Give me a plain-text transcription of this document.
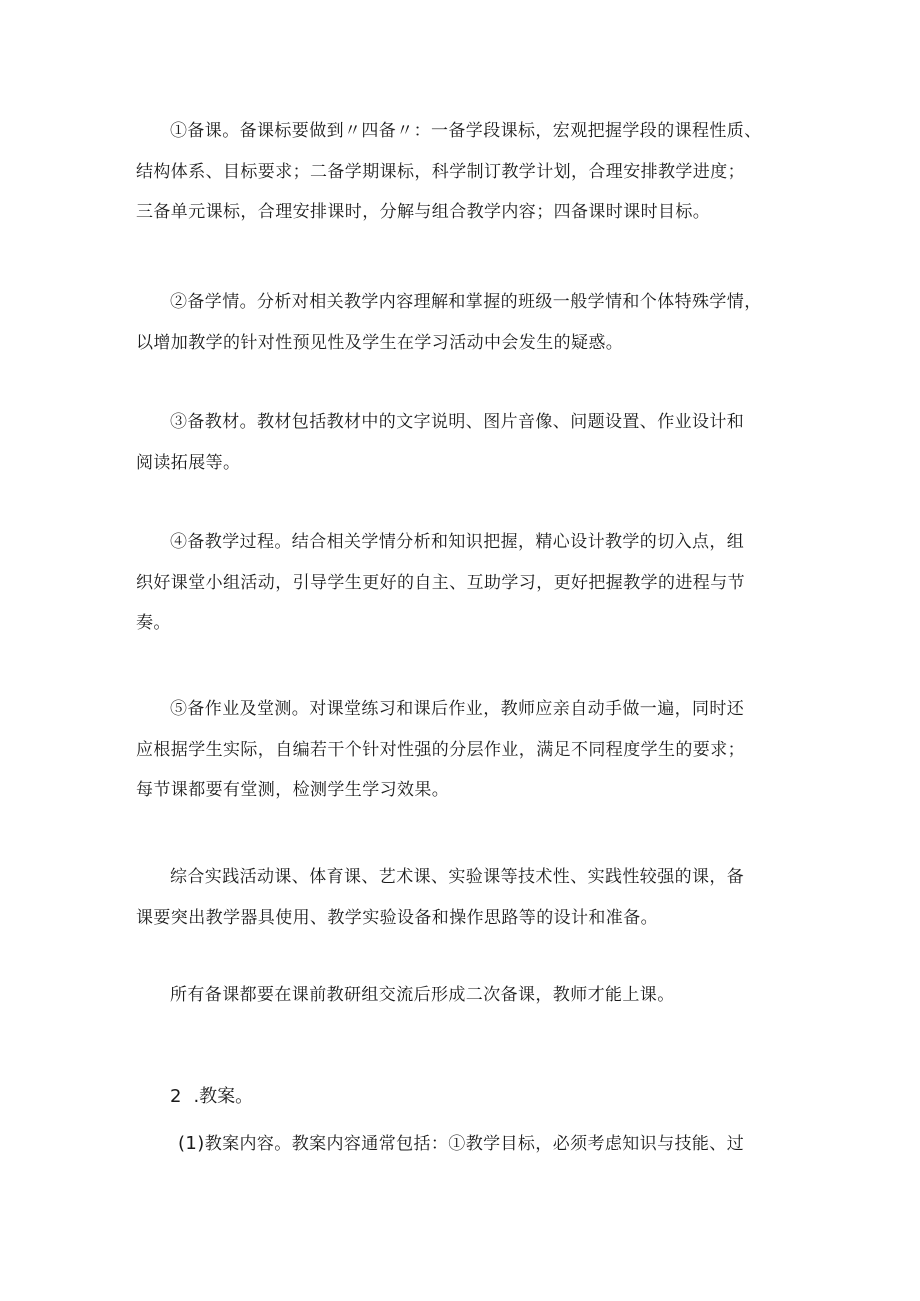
①备课。备课标要做到〃四备〃：一备学段课标，宏观把握学段的课程性质、
结构体系、目标要求；二备学期课标，科学制订教学计划，合理安排教学进度；
三备单元课标，合理安排课时，分解与组合教学内容；四备课时课时目标。
②备学情。分析对相关教学内容理解和掌握的班级一般学情和个体特殊学情，
以增加教学的针对性预见性及学生在学习活动中会发生的疑惑。
③备教材。教材包括教材中的文字说明、图片音像、问题设置、作业设计和
阅读拓展等。
④备教学过程。结合相关学情分析和知识把握，精心设计教学的切入点，组
织好课堂小组活动，引导学生更好的自主、互助学习，更好把握教学的进程与节
奏。
⑤备作业及堂测。对课堂练习和课后作业，教师应亲自动手做一遍，同时还
应根据学生实际，自编若干个针对性强的分层作业，满足不同程度学生的要求；
每节课都要有堂测，检测学生学习效果。
综合实践活动课、体育课、艺术课、实验课等技术性、实践性较强的课，备
课要突出教学器具使用、教学实验设备和操作思路等的设计和准备。
所有备课都要在课前教研组交流后形成二次备课，教师才能上课。
2 .教案。
(1)教案内容。教案内容通常包括：①教学目标，必须考虑知识与技能、过
